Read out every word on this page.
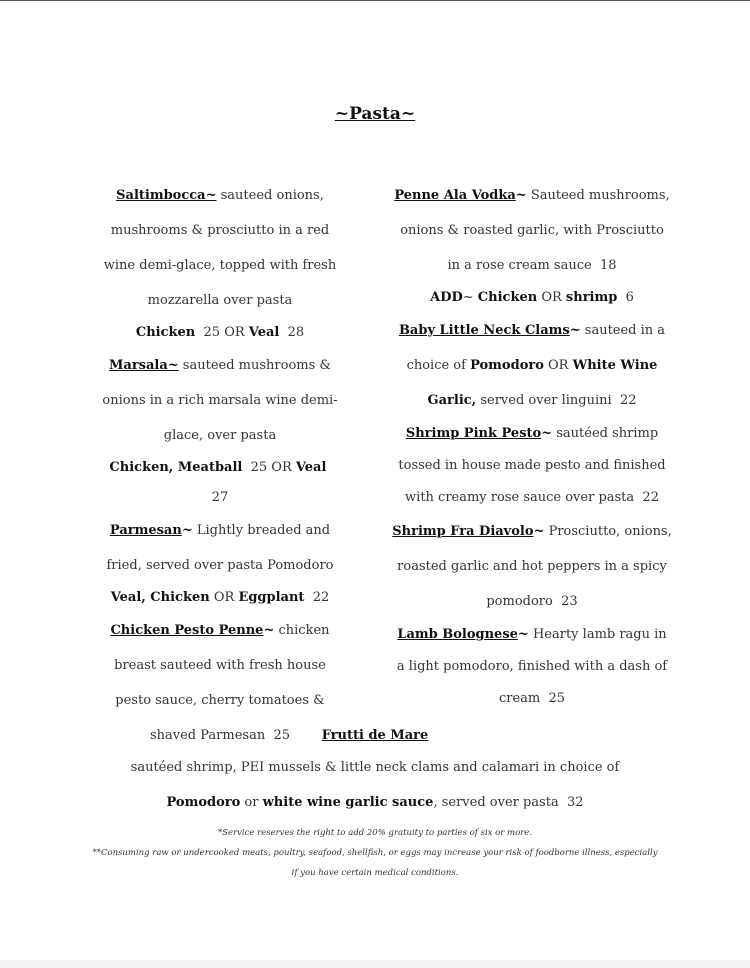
~Pasta~

Saltimbocca~ sauteed onions, mushrooms & prosciutto in a red wine demi-glace, topped with fresh mozzarella over pasta

Chicken 25 OR Veal 28

Marsala~ sauteed mushrooms & onions in a rich marsala wine demi-glace, over pasta

Chicken, Meatball 25 OR Veal  27

Parmesan~ Lightly breaded and fried, served over pasta Pomodoro

Veal, Chicken OR Eggplant 22

Chicken Pesto Penne~ chicken breast sauteed with fresh house pesto sauce, cherry tomatoes & shaved Parmesan 25

Penne Ala Vodka~ Sauteed mushrooms, onions & roasted garlic, with Prosciutto in a rose cream sauce 18

ADD~ Chicken OR shrimp 6

Baby Little Neck Clams~ sauteed in a choice of Pomodoro OR White Wine Garlic, served over linguini 22

Shrimp Pink Pesto~ sautéed shrimp tossed in house made pesto and finished with creamy rose sauce over pasta 22

Shrimp Fra Diavolo~ Prosciutto, onions, roasted garlic and hot peppers in a spicy pomodoro 23

Lamb Bolognese~ Hearty lamb ragu in a light pomodoro, finished with a dash of cream 25

Frutti de Mare
sautéed shrimp, PEI mussels & little neck clams and calamari in choice of Pomodoro or white wine garlic sauce, served over pasta 32
*Service reserves the right to add 20% gratuity to parties of six or more.
**Consuming raw or undercooked meats, poultry, seafood, shellfish, or eggs may increase your risk of foodborne illness, especially if you have certain medical conditions.
